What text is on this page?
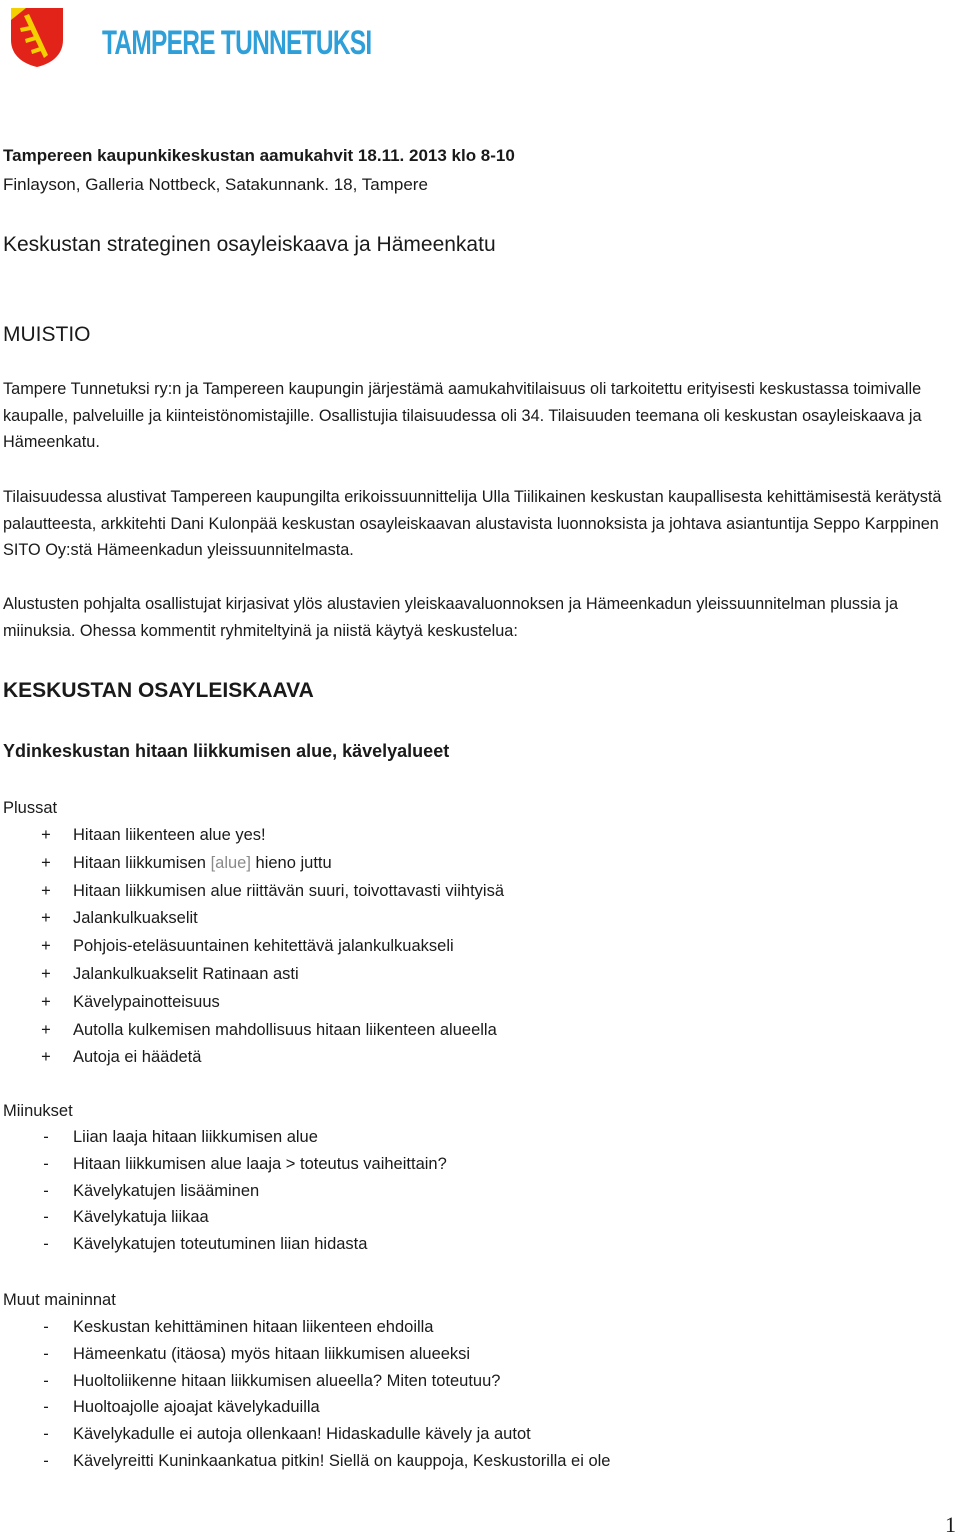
TAMPERE TUNNETUKSI
Tampereen kaupunkikeskustan aamukahvit 18.11. 2013 klo 8-10
Finlayson, Galleria Nottbeck, Satakunnank. 18, Tampere
Keskustan strateginen osayleiskaava ja Hämeenkatu
MUISTIO
Tampere Tunnetuksi ry:n ja Tampereen kaupungin järjestämä aamukahvitilaisuus oli tarkoitettu erityisesti keskustassa toimivalle kaupalle, palveluille ja kiinteistönomistajille. Osallistujia tilaisuudessa oli 34. Tilaisuuden teemana oli keskustan osayleiskaava ja Hämeenkatu.
Tilaisuudessa alustivat Tampereen kaupungilta erikoissuunnittelija Ulla Tiilikainen keskustan kaupallisesta kehittämisestä kerätystä palautteesta, arkkitehti Dani Kulonpää keskustan osayleiskaavan alustavista luonnoksista ja johtava asiantuntija Seppo Karppinen SITO Oy:stä Hämeenkadun yleissuunnitelmasta.
Alustusten pohjalta osallistujat kirjasivat ylös alustavien yleiskaavaluonnoksen ja Hämeenkadun yleissuunnitelman plussia ja miinuksia. Ohessa kommentit ryhmiteltyinä ja niistä käytyä keskustelua:
KESKUSTAN OSAYLEISKAAVA
Ydinkeskustan hitaan liikkumisen alue, kävelyalueet
Plussat
+ Hitaan liikenteen alue yes!
+ Hitaan liikkumisen [alue] hieno juttu
+ Hitaan liikkumisen alue riittävän suuri, toivottavasti viihtyisä
+ Jalankulkuakselit
+ Pohjois-eteläsuuntainen kehitettävä jalankulkuakseli
+ Jalankulkuakselit Ratinaan asti
+ Kävelypainotteisuus
+ Autolla kulkemisen mahdollisuus hitaan liikenteen alueella
+ Autoja ei häädetä
Miinukset
-	Liian laaja hitaan liikkumisen alue
-	Hitaan liikkumisen alue laaja > toteutus vaiheittain?
-	Kävelykatujen lisääminen
-	Kävelykatuja liikaa
-	Kävelykatujen toteutuminen liian hidasta
Muut maininnat
-	Keskustan kehittäminen hitaan liikenteen ehdoilla
-	Hämeenkatu (itäosa) myös hitaan liikkumisen alueeksi
-	Huoltoliikenne hitaan liikkumisen alueella? Miten toteutuu?
-	Huoltoajolle ajoajat kävelykaduilla
-	Kävelykadulle ei autoja ollenkaan! Hidaskadulle kävely ja autot
-	Kävelyreitti Kuninkaankatua pitkin! Siellä on kauppoja, Keskustorilla ei ole
1
